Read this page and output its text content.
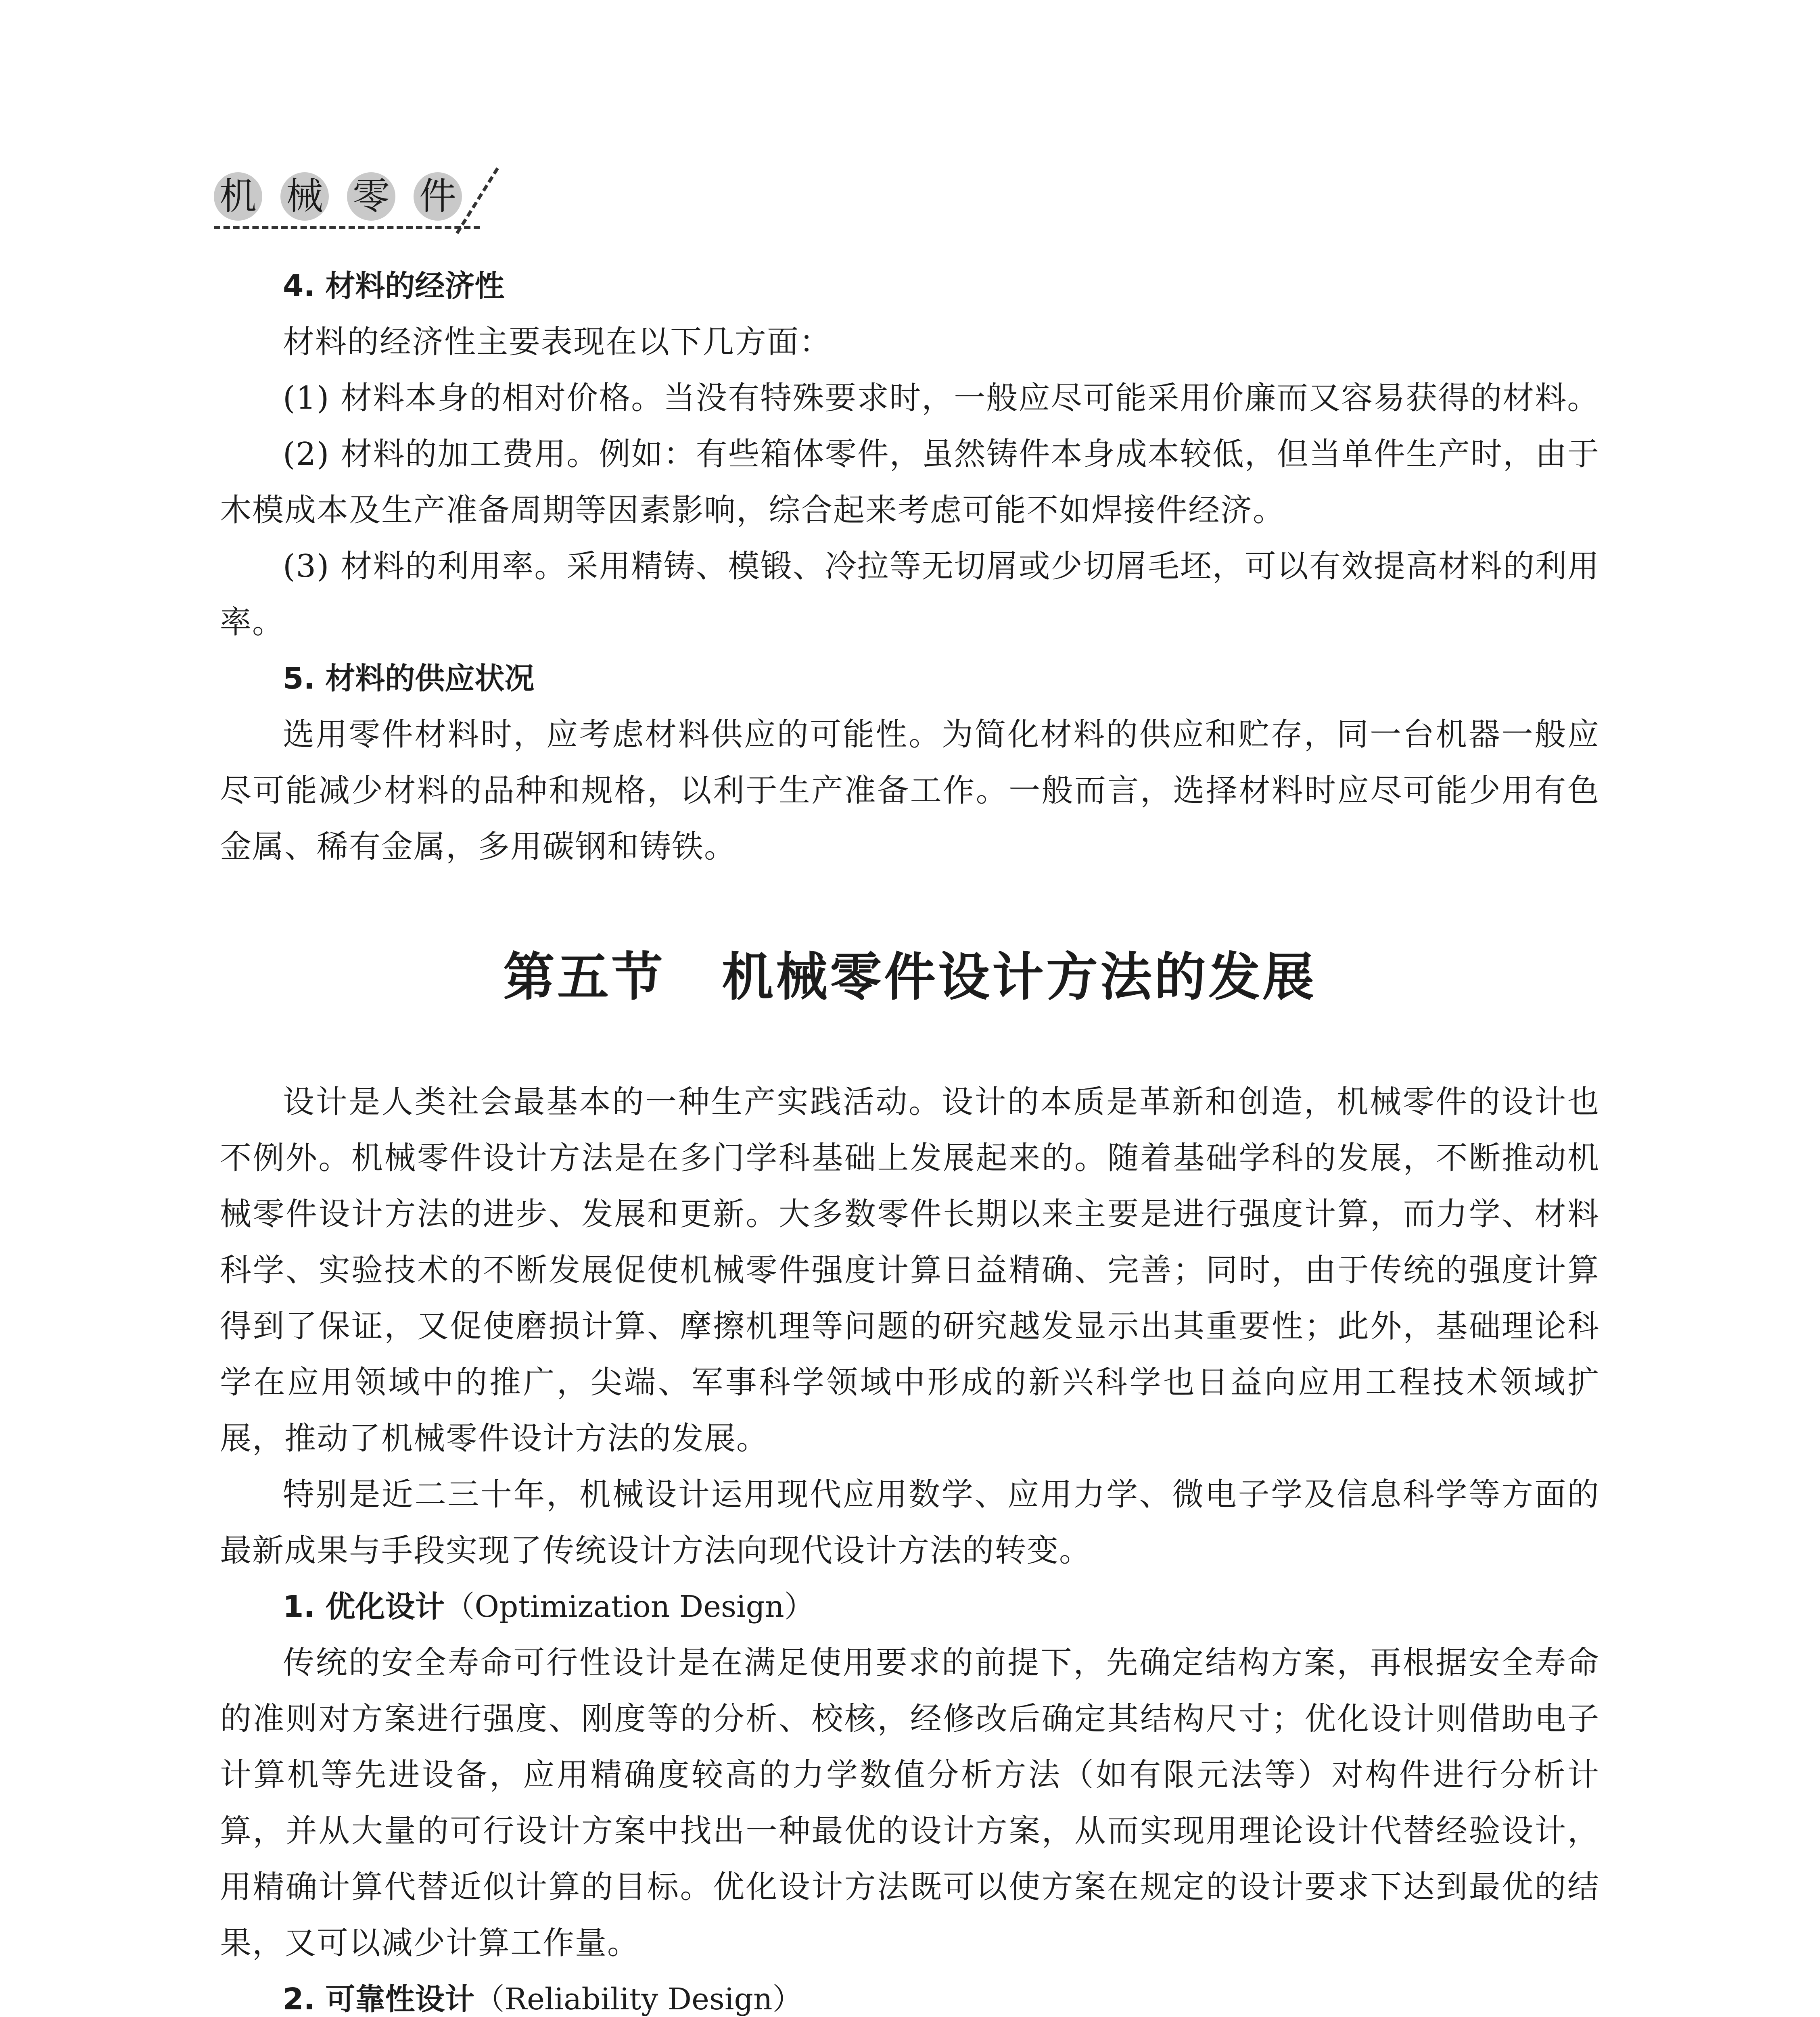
机 械 零 件

4. 材料的经济性

材料的经济性主要表现在以下几方面：

(1) 材料本身的相对价格。当没有特殊要求时，一般应尽可能采用价廉而又容易获得的材料。

(2) 材料的加工费用。例如：有些箱体零件，虽然铸件本身成本较低，但当单件生产时，由于木模成本及生产准备周期等因素影响，综合起来考虑可能不如焊接件经济。

(3) 材料的利用率。采用精铸、模锻、冷拉等无切屑或少切屑毛坯，可以有效提高材料的利用率。

5. 材料的供应状况

选用零件材料时，应考虑材料供应的可能性。为简化材料的供应和贮存，同一台机器一般应尽可能减少材料的品种和规格，以利于生产准备工作。一般而言，选择材料时应尽可能少用有色金属、稀有金属，多用碳钢和铸铁。

第五节 机械零件设计方法的发展

设计是人类社会最基本的一种生产实践活动。设计的本质是革新和创造，机械零件的设计也不例外。机械零件设计方法是在多门学科基础上发展起来的。随着基础学科的发展，不断推动机械零件设计方法的进步、发展和更新。大多数零件长期以来主要是进行强度计算，而力学、材料科学、实验技术的不断发展促使机械零件强度计算日益精确、完善；同时，由于传统的强度计算得到了保证，又促使磨损计算、摩擦机理等问题的研究越发显示出其重要性；此外，基础理论科学在应用领域中的推广，尖端、军事科学领域中形成的新兴科学也日益向应用工程技术领域扩展，推动了机械零件设计方法的发展。

特别是近二三十年，机械设计运用现代应用数学、应用力学、微电子学及信息科学等方面的最新成果与手段实现了传统设计方法向现代设计方法的转变。

1. 优化设计（Optimization Design）

传统的安全寿命可行性设计是在满足使用要求的前提下，先确定结构方案，再根据安全寿命的准则对方案进行强度、刚度等的分析、校核，经修改后确定其结构尺寸；优化设计则借助电子计算机等先进设备，应用精确度较高的力学数值分析方法（如有限元法等）对构件进行分析计算，并从大量的可行设计方案中找出一种最优的设计方案，从而实现用理论设计代替经验设计，用精确计算代替近似计算的目标。优化设计方法既可以使方案在规定的设计要求下达到最优的结果，又可以减少计算工作量。

2. 可靠性设计（Reliability Design）
